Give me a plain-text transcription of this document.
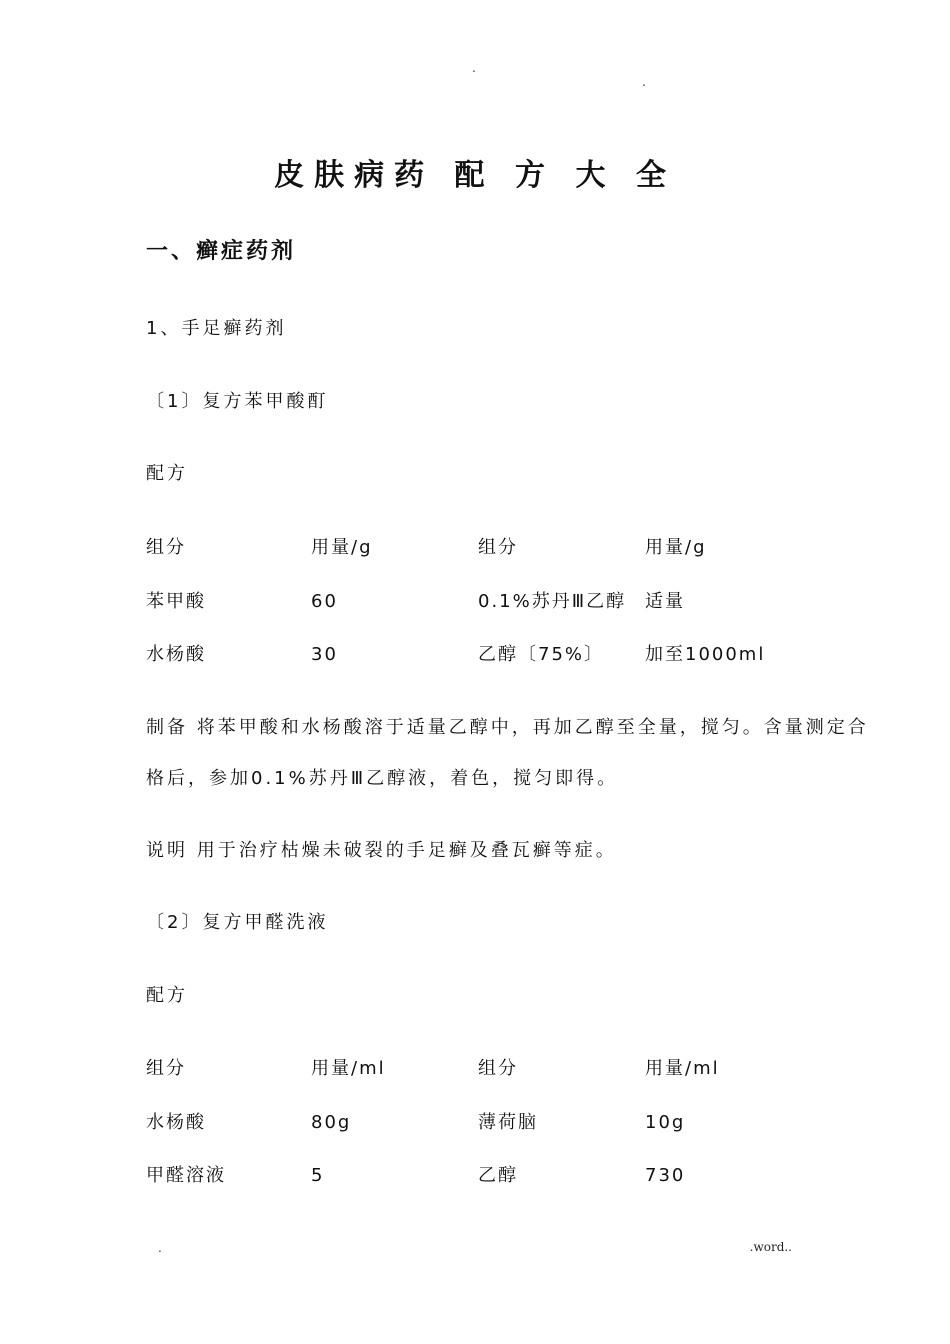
.
.
皮肤病药 配 方 大 全
一、癣症药剂
1、手足癣药剂
〔1〕复方苯甲酸酊
配方
组分	用量/g	组分	用量/g
苯甲酸	60	0.1%苏丹Ⅲ乙醇 适量
水杨酸	30	乙醇〔75%〕 加至1000ml
制备 将苯甲酸和水杨酸溶于适量乙醇中，再加乙醇至全量，搅匀。含量测定合
格后，参加0.1%苏丹Ⅲ乙醇液，着色，搅匀即得。
说明 用于治疗枯燥未破裂的手足癣及叠瓦癣等症。
〔2〕复方甲醛洗液
配方
组分	用量/ml	组分	用量/ml
水杨酸	80g	薄荷脑	10g
甲醛溶液	5	乙醇	730
.	.word..
